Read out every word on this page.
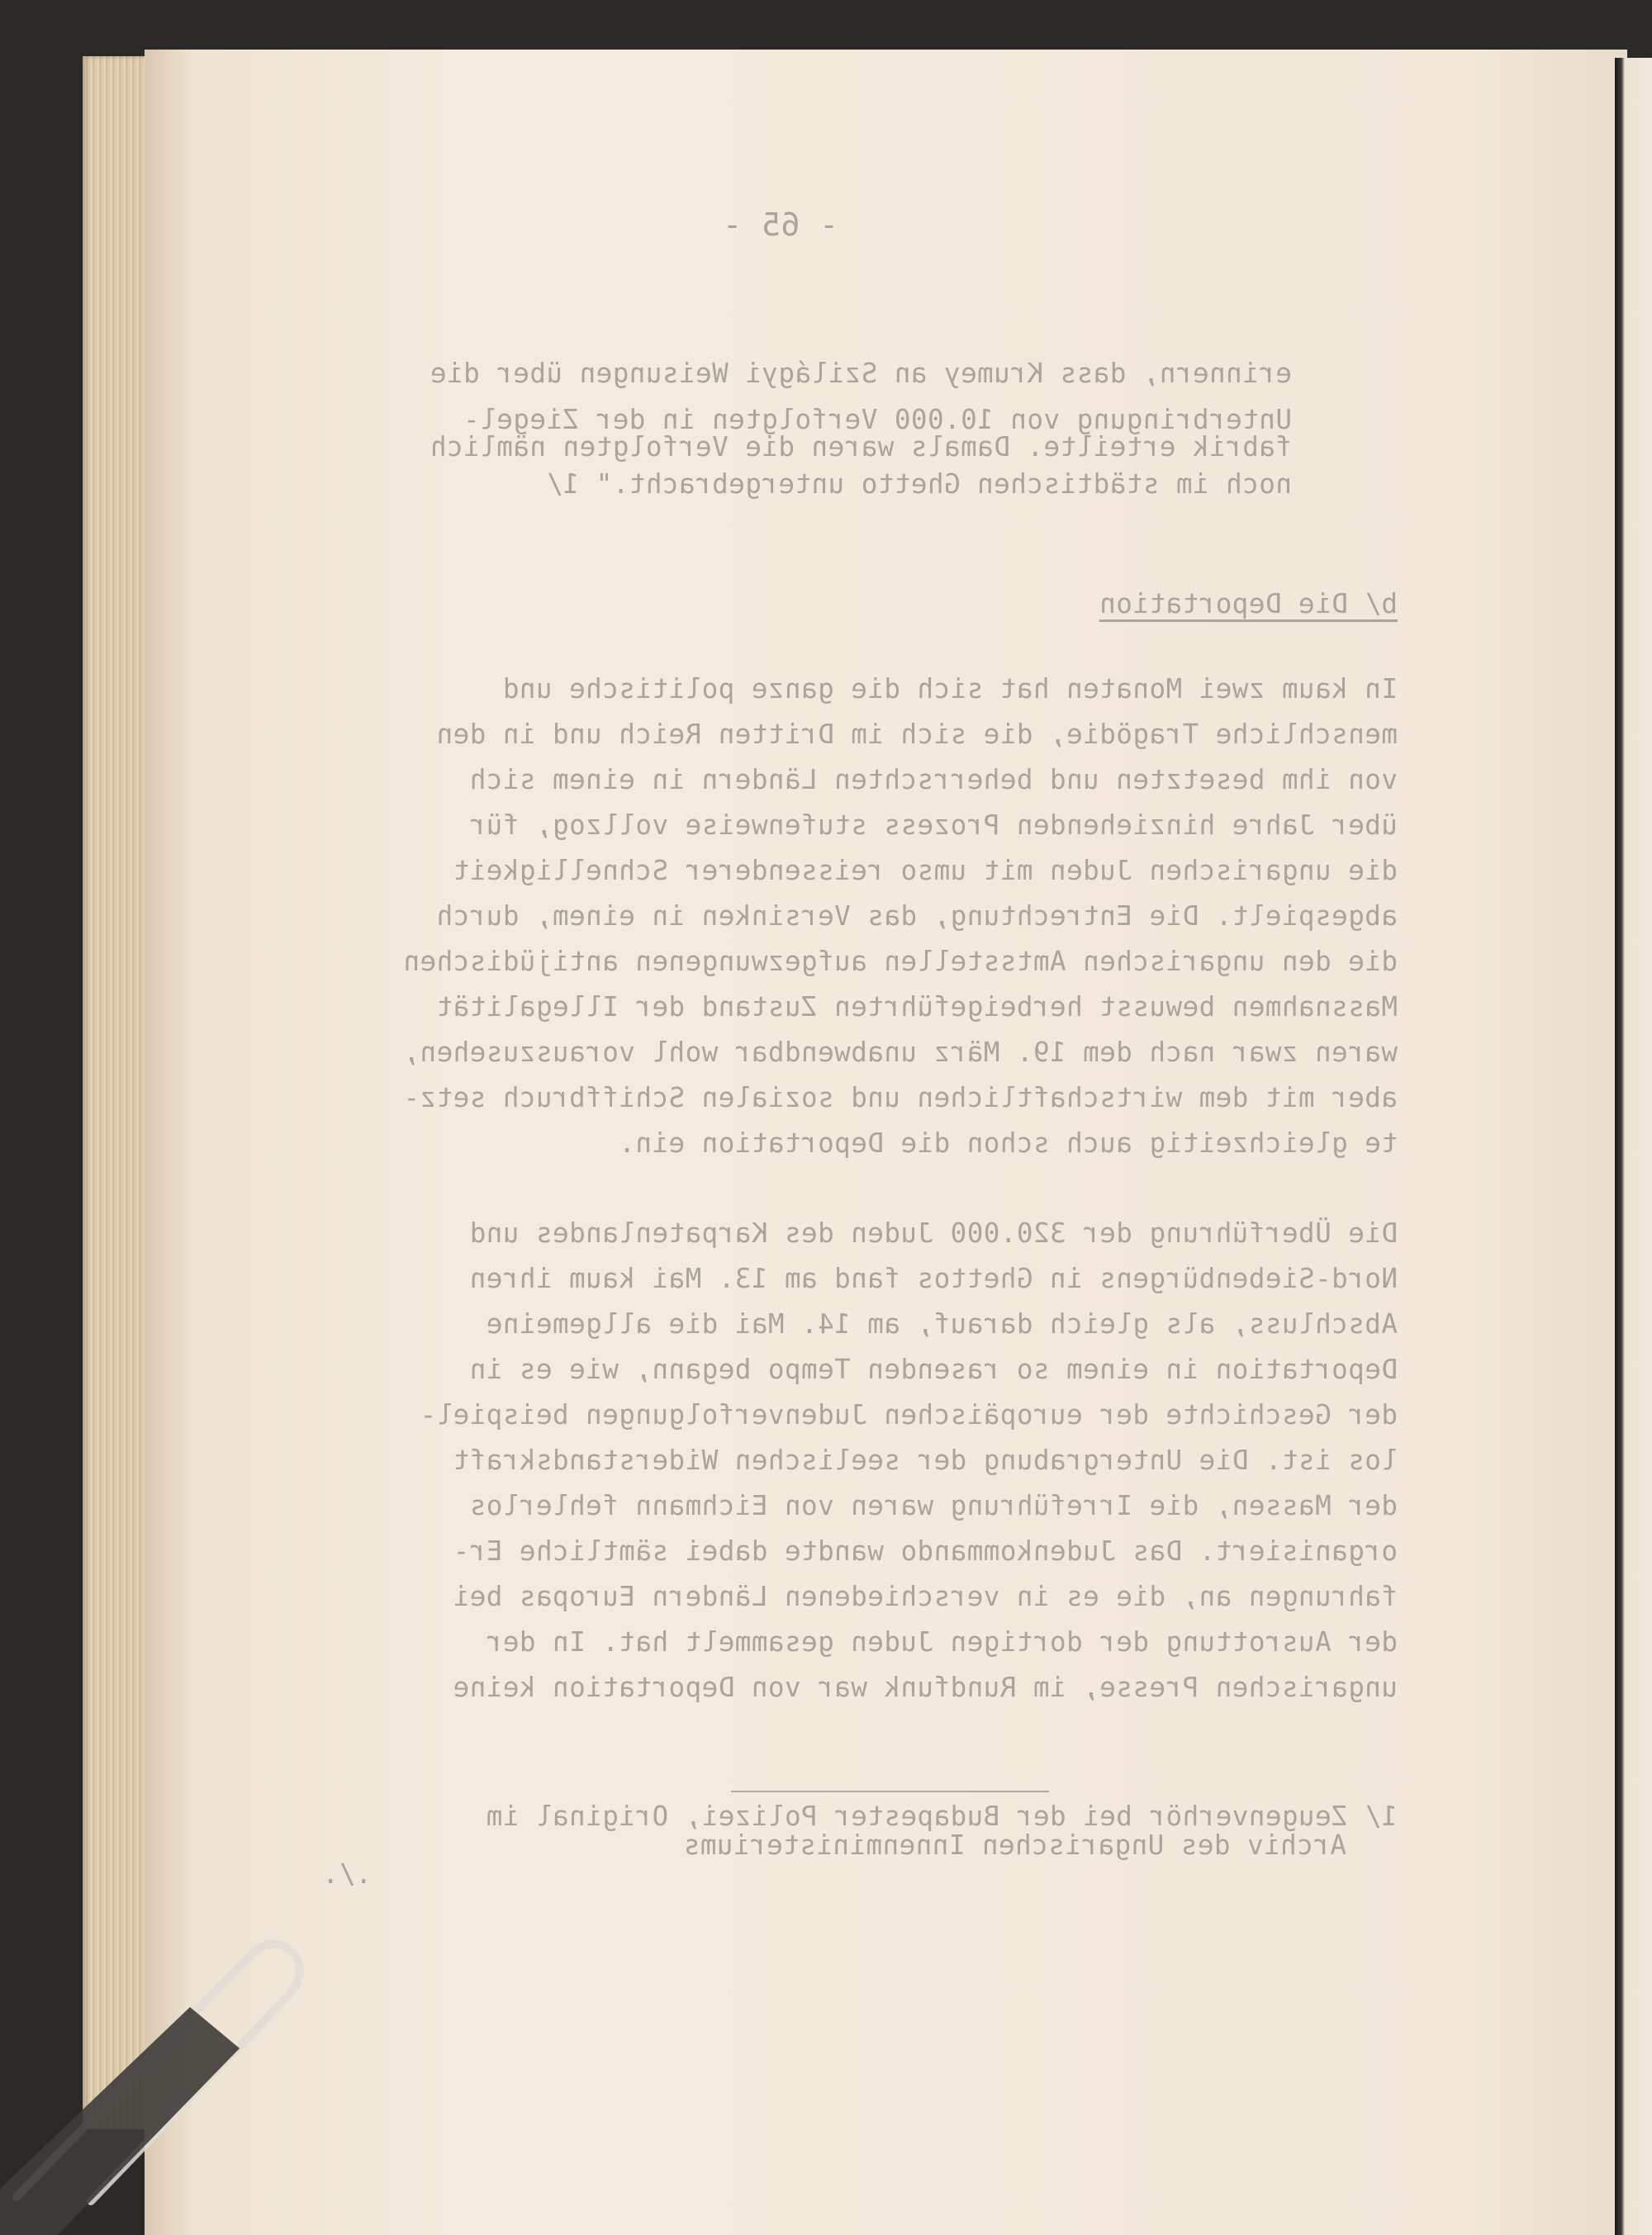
- 65 -
erinnern, dass Krumey an Szilágyi Weisungen über die
Unterbringung von 10.000 Verfolgten in der Ziegel-
fabrik erteilte. Damals waren die Verfolgten nämlich
noch im städtischen Ghetto untergebracht." 1/
b/ Die Deportation
In kaum zwei Monaten hat sich die ganze politische und
menschliche Tragödie, die sich im Dritten Reich und in den
von ihm besetzten und beherrschten Ländern in einem sich
über Jahre hinziehenden Prozess stufenweise vollzog, für
die ungarischen Juden mit umso reissenderer Schnelligkeit
abgespielt. Die Entrechtung, das Versinken in einem, durch
die den ungarischen Amtsstellen aufgezwungenen antijüdischen
Massnahmen bewusst herbeigeführten Zustand der Illegalität
waren zwar nach dem 19. März unabwendbar wohl vorauszusehen,
aber mit dem wirtschaftlichen und sozialen Schiffbruch setz-
te gleichzeitig auch schon die Deportation ein.
Die Überführung der 320.000 Juden des Karpatenlandes und
Nord-Siebenbürgens in Ghettos fand am 13. Mai kaum ihren
Abschluss, als gleich darauf, am 14. Mai die allgemeine
Deportation in einem so rasenden Tempo begann, wie es in
der Geschichte der europäischen Judenverfolgungen beispiel-
los ist. Die Untergrabung der seelischen Widerstandskraft
der Massen, die Irreführung waren von Eichmann fehlerlos
organisiert. Das Judenkommando wandte dabei sämtliche Er-
fahrungen an, die es in verschiedenen Ländern Europas bei
der Ausrottung der dortigen Juden gesammelt hat. In der
ungarischen Presse, im Rundfunk war von Deportation keine
1/ Zeugenverhör bei der Budapester Polizei, Original im
Archiv des Ungarischen Innenministeriums
./.
